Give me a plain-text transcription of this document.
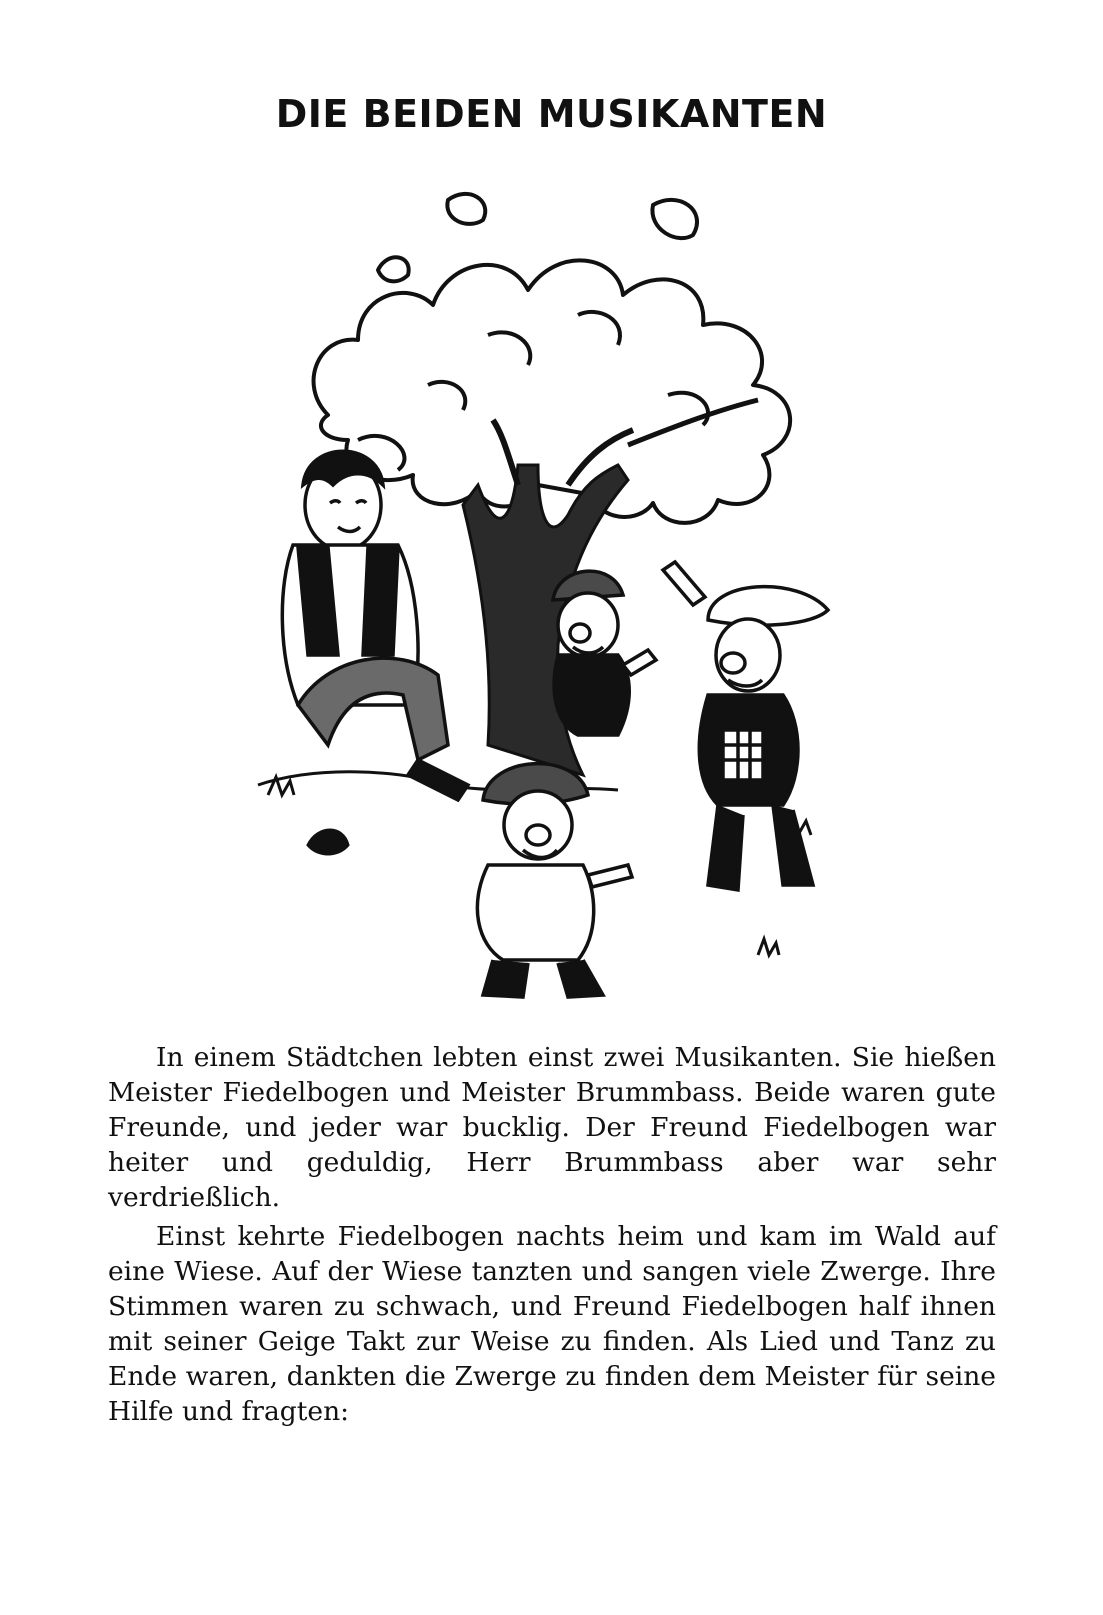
DIE BEIDEN MUSIKANTEN

In einem Städtchen lebten einst zwei Musikanten. Sie hießen Meister Fiedelbogen und Meister Brummbass. Beide waren gute Freunde, und jeder war bucklig. Der Freund Fiedelbogen war heiter und geduldig, Herr Brummbass aber war sehr verdrießlich.

Einst kehrte Fiedelbogen nachts heim und kam im Wald auf eine Wiese. Auf der Wiese tanzten und sangen viele Zwerge. Ihre Stimmen waren zu schwach, und Freund Fiedelbogen half ihnen mit seiner Geige Takt zur Weise zu finden. Als Lied und Tanz zu Ende waren, dankten die Zwerge zu finden dem Meister für seine Hilfe und fragten:
